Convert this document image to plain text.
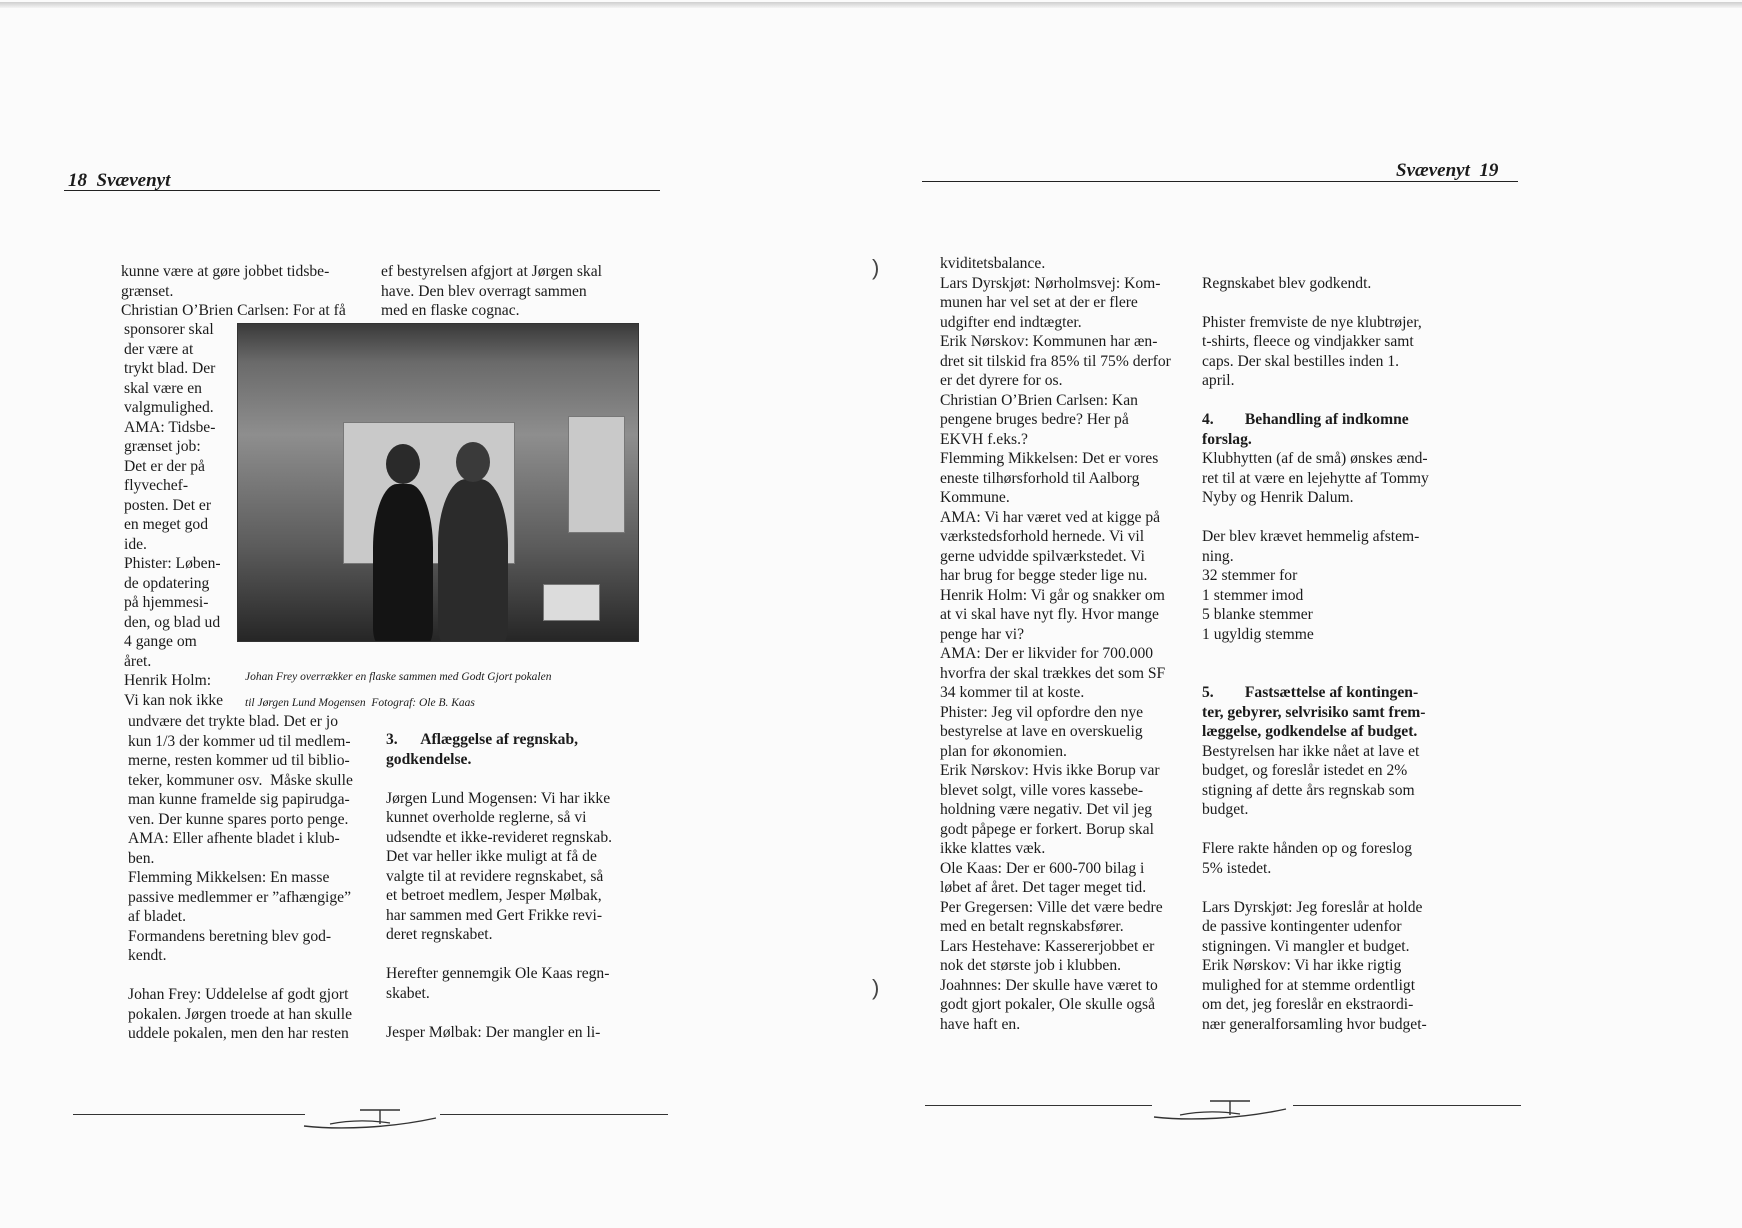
18  Svævenyt

kunne være at gøre jobbet tidsbe-

grænset.

Christian O’Brien Carlsen: For at få

sponsorer skal

der være at

trykt blad. Der

skal være en

valgmulighed.

AMA: Tidsbe-

grænset job:

Det er der på

flyvechef-

posten. Det er

en meget god

ide.

Phister: Løben-

de opdatering

på hjemmesi-

den, og blad ud

4 gange om

året.

Henrik Holm:

Vi kan nok ikke

undvære det trykte blad. Det er jo

kun 1/3 der kommer ud til medlem-

merne, resten kommer ud til biblio-

teker, kommuner osv.  Måske skulle

man kunne framelde sig papirudga-

ven. Der kunne spares porto penge.

AMA: Eller afhente bladet i klub-

ben.

Flemming Mikkelsen: En masse

passive medlemmer er ”afhængige”

af bladet.

Formandens beretning blev god-

kendt.

Johan Frey: Uddelelse af godt gjort

pokalen. Jørgen troede at han skulle

uddele pokalen, men den har resten

ef bestyrelsen afgjort at Jørgen skal

have. Den blev overragt sammen

med en flaske cognac.

Johan Frey overrækker en flaske sammen med Godt Gjort pokalen

til Jørgen Lund Mogensen  Fotograf: Ole B. Kaas

3.      Aflæggelse af regnskab,

godkendelse.

Jørgen Lund Mogensen: Vi har ikke

kunnet overholde reglerne, så vi

udsendte et ikke-revideret regnskab.

Det var heller ikke muligt at få de

valgte til at revidere regnskabet, så

et betroet medlem, Jesper Mølbak,

har sammen med Gert Frikke revi-

deret regnskabet.

Herefter gennemgik Ole Kaas regn-

skabet.

Jesper Mølbak: Der mangler en li-

Svævenyt  19

kviditetsbalance.

Lars Dyrskjøt: Nørholmsvej: Kom-

munen har vel set at der er flere

udgifter end indtægter.

Erik Nørskov: Kommunen har æn-

dret sit tilskid fra 85% til 75% derfor

er det dyrere for os.

Christian O’Brien Carlsen: Kan

pengene bruges bedre? Her på

EKVH f.eks.?

Flemming Mikkelsen: Det er vores

eneste tilhørsforhold til Aalborg

Kommune.

AMA: Vi har været ved at kigge på

værkstedsforhold hernede. Vi vil

gerne udvidde spilværkstedet. Vi

har brug for begge steder lige nu.

Henrik Holm: Vi går og snakker om

at vi skal have nyt fly. Hvor mange

penge har vi?

AMA: Der er likvider for 700.000

hvorfra der skal trækkes det som SF

34 kommer til at koste.

Phister: Jeg vil opfordre den nye

bestyrelse at lave en overskuelig

plan for økonomien.

Erik Nørskov: Hvis ikke Borup var

blevet solgt, ville vores kassebe-

holdning være negativ. Det vil jeg

godt påpege er forkert. Borup skal

ikke klattes væk.

Ole Kaas: Der er 600-700 bilag i

løbet af året. Det tager meget tid.

Per Gregersen: Ville det være bedre

med en betalt regnskabsfører.

Lars Hestehave: Kassererjobbet er

nok det største job i klubben.

Joahnnes: Der skulle have været to

godt gjort pokaler, Ole skulle også

have haft en.

Regnskabet blev godkendt.

Phister fremviste de nye klubtrøjer,

t-shirts, fleece og vindjakker samt

caps. Der skal bestilles inden 1.

april.

4.        Behandling af indkomne

forslag.

Klubhytten (af de små) ønskes ænd-

ret til at være en lejehytte af Tommy

Nyby og Henrik Dalum.

Der blev krævet hemmelig afstem-

ning.

32 stemmer for

1 stemmer imod

5 blanke stemmer

1 ugyldig stemme

5.        Fastsættelse af kontingen-

ter, gebyrer, selvrisiko samt frem-

læggelse, godkendelse af budget.

Bestyrelsen har ikke nået at lave et

budget, og foreslår istedet en 2%

stigning af dette års regnskab som

budget.

Flere rakte hånden op og foreslog

5% istedet.

Lars Dyrskjøt: Jeg foreslår at holde

de passive kontingenter udenfor

stigningen. Vi mangler et budget.

Erik Nørskov: Vi har ikke rigtig

mulighed for at stemme ordentligt

om det, jeg foreslår en ekstraordi-

nær generalforsamling hvor budget-

)
)
